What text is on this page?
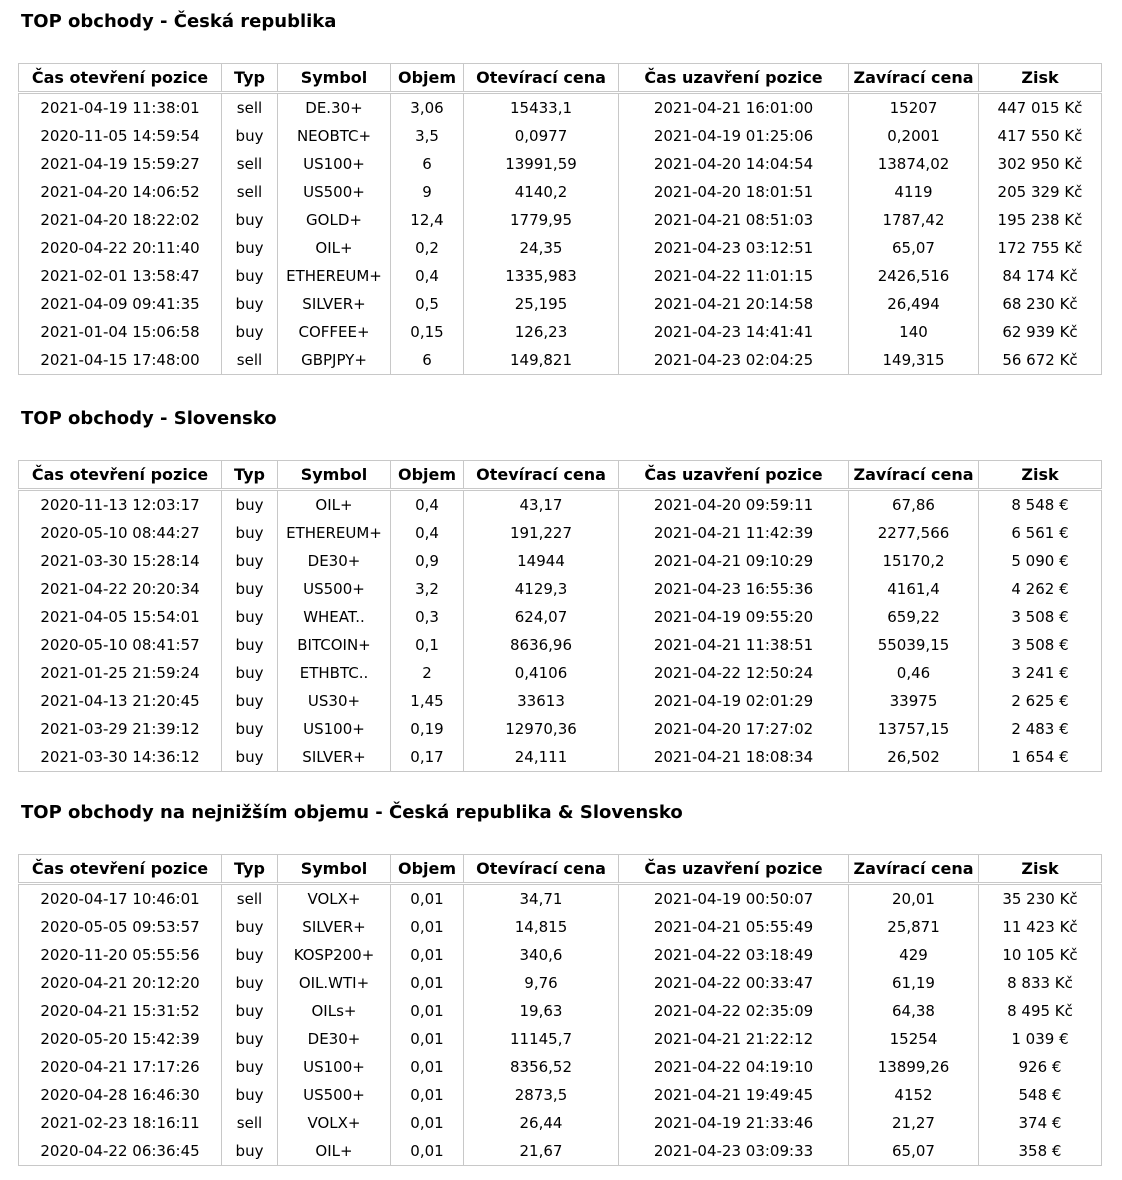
TOP obchody - Česká republika
Čas otevření pozice	Typ	Symbol	Objem	Otevírací cena	Čas uzavření pozice	Zavírací cena	Zisk
2021-04-19 11:38:01	sell	DE.30+	3,06	15433,1	2021-04-21 16:01:00	15207	447 015 Kč
2020-11-05 14:59:54	buy	NEOBTC+	3,5	0,0977	2021-04-19 01:25:06	0,2001	417 550 Kč
2021-04-19 15:59:27	sell	US100+	6	13991,59	2021-04-20 14:04:54	13874,02	302 950 Kč
2021-04-20 14:06:52	sell	US500+	9	4140,2	2021-04-20 18:01:51	4119	205 329 Kč
2021-04-20 18:22:02	buy	GOLD+	12,4	1779,95	2021-04-21 08:51:03	1787,42	195 238 Kč
2020-04-22 20:11:40	buy	OIL+	0,2	24,35	2021-04-23 03:12:51	65,07	172 755 Kč
2021-02-01 13:58:47	buy	ETHEREUM+	0,4	1335,983	2021-04-22 11:01:15	2426,516	84 174 Kč
2021-04-09 09:41:35	buy	SILVER+	0,5	25,195	2021-04-21 20:14:58	26,494	68 230 Kč
2021-01-04 15:06:58	buy	COFFEE+	0,15	126,23	2021-04-23 14:41:41	140	62 939 Kč
2021-04-15 17:48:00	sell	GBPJPY+	6	149,821	2021-04-23 02:04:25	149,315	56 672 Kč
TOP obchody - Slovensko
Čas otevření pozice	Typ	Symbol	Objem	Otevírací cena	Čas uzavření pozice	Zavírací cena	Zisk
2020-11-13 12:03:17	buy	OIL+	0,4	43,17	2021-04-20 09:59:11	67,86	8 548 €
2020-05-10 08:44:27	buy	ETHEREUM+	0,4	191,227	2021-04-21 11:42:39	2277,566	6 561 €
2021-03-30 15:28:14	buy	DE30+	0,9	14944	2021-04-21 09:10:29	15170,2	5 090 €
2021-04-22 20:20:34	buy	US500+	3,2	4129,3	2021-04-23 16:55:36	4161,4	4 262 €
2021-04-05 15:54:01	buy	WHEAT..	0,3	624,07	2021-04-19 09:55:20	659,22	3 508 €
2020-05-10 08:41:57	buy	BITCOIN+	0,1	8636,96	2021-04-21 11:38:51	55039,15	3 508 €
2021-01-25 21:59:24	buy	ETHBTC..	2	0,4106	2021-04-22 12:50:24	0,46	3 241 €
2021-04-13 21:20:45	buy	US30+	1,45	33613	2021-04-19 02:01:29	33975	2 625 €
2021-03-29 21:39:12	buy	US100+	0,19	12970,36	2021-04-20 17:27:02	13757,15	2 483 €
2021-03-30 14:36:12	buy	SILVER+	0,17	24,111	2021-04-21 18:08:34	26,502	1 654 €
TOP obchody na nejnižším objemu - Česká republika & Slovensko
Čas otevření pozice	Typ	Symbol	Objem	Otevírací cena	Čas uzavření pozice	Zavírací cena	Zisk
2020-04-17 10:46:01	sell	VOLX+	0,01	34,71	2021-04-19 00:50:07	20,01	35 230 Kč
2020-05-05 09:53:57	buy	SILVER+	0,01	14,815	2021-04-21 05:55:49	25,871	11 423 Kč
2020-11-20 05:55:56	buy	KOSP200+	0,01	340,6	2021-04-22 03:18:49	429	10 105 Kč
2020-04-21 20:12:20	buy	OIL.WTI+	0,01	9,76	2021-04-22 00:33:47	61,19	8 833 Kč
2020-04-21 15:31:52	buy	OILs+	0,01	19,63	2021-04-22 02:35:09	64,38	8 495 Kč
2020-05-20 15:42:39	buy	DE30+	0,01	11145,7	2021-04-21 21:22:12	15254	1 039 €
2020-04-21 17:17:26	buy	US100+	0,01	8356,52	2021-04-22 04:19:10	13899,26	926 €
2020-04-28 16:46:30	buy	US500+	0,01	2873,5	2021-04-21 19:49:45	4152	548 €
2021-02-23 18:16:11	sell	VOLX+	0,01	26,44	2021-04-19 21:33:46	21,27	374 €
2020-04-22 06:36:45	buy	OIL+	0,01	21,67	2021-04-23 03:09:33	65,07	358 €
